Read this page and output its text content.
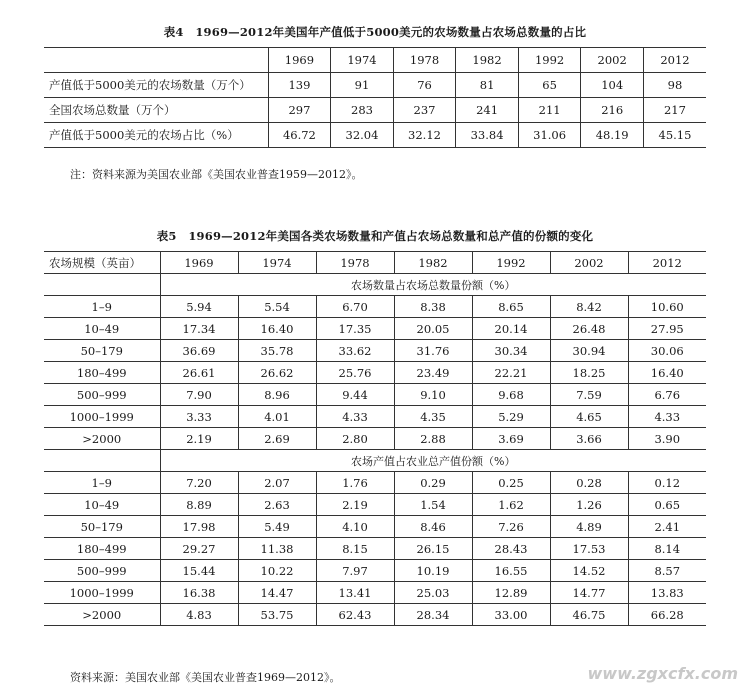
表4　1969—2012年美国年产值低于5000美元的农场数量占农场总数量的占比
	1969	1974	1978	1982	1992	2002	2012
产值低于5000美元的农场数量（万个）	139	91	76	81	65	104	98
全国农场总数量（万个）	297	283	237	241	211	216	217
产值低于5000美元的农场占比（%）	46.72	32.04	32.12	33.84	31.06	48.19	45.15
注：资料来源为美国农业部《美国农业普查1959—2012》。
表5　1969—2012年美国各类农场数量和产值占农场总数量和总产值的份额的变化
农场规模（英亩）	1969	1974	1978	1982	1992	2002	2012
	农场数量占农场总数量份额（%）						
1–9	5.94	5.54	6.70	8.38	8.65	8.42	10.60
10–49	17.34	16.40	17.35	20.05	20.14	26.48	27.95
50–179	36.69	35.78	33.62	31.76	30.34	30.94	30.06
180–499	26.61	26.62	25.76	23.49	22.21	18.25	16.40
500–999	7.90	8.96	9.44	9.10	9.68	7.59	6.76
1000–1999	3.33	4.01	4.33	4.35	5.29	4.65	4.33
>2000	2.19	2.69	2.80	2.88	3.69	3.66	3.90
	农场产值占农业总产值份额（%）						
1–9	7.20	2.07	1.76	0.29	0.25	0.28	0.12
10–49	8.89	2.63	2.19	1.54	1.62	1.26	0.65
50–179	17.98	5.49	4.10	8.46	7.26	4.89	2.41
180–499	29.27	11.38	8.15	26.15	28.43	17.53	8.14
500–999	15.44	10.22	7.97	10.19	16.55	14.52	8.57
1000–1999	16.38	14.47	13.41	25.03	12.89	14.77	13.83
>2000	4.83	53.75	62.43	28.34	33.00	46.75	66.28
资料来源：美国农业部《美国农业普查1969—2012》。	www.zgxcfx.com
